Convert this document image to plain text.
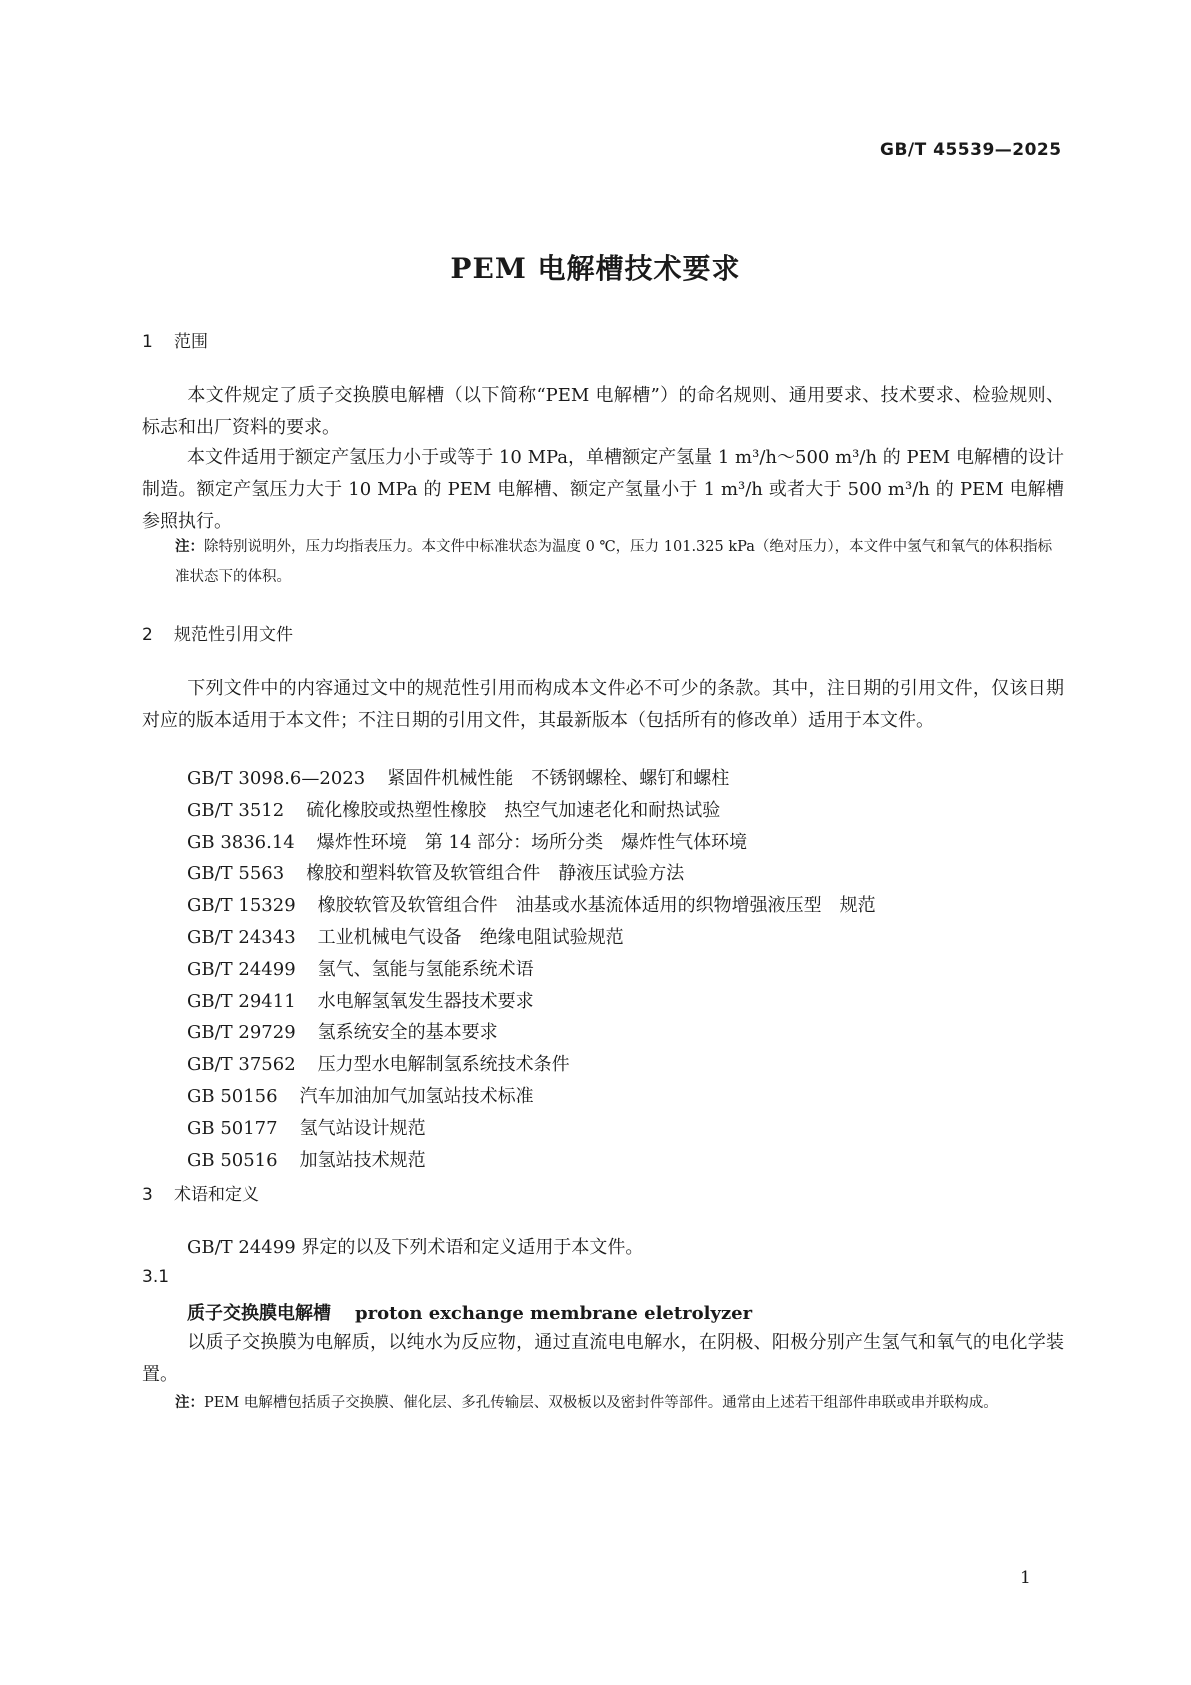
GB/T 45539—2025
PEM 电解槽技术要求
1 范围
本文件规定了质子交换膜电解槽（以下简称“PEM 电解槽”）的命名规则、通用要求、技术要求、检验规则、标志和出厂资料的要求。
本文件适用于额定产氢压力小于或等于 10 MPa，单槽额定产氢量 1 m³/h～500 m³/h 的 PEM 电解槽的设计制造。额定产氢压力大于 10 MPa 的 PEM 电解槽、额定产氢量小于 1 m³/h 或者大于 500 m³/h 的 PEM 电解槽参照执行。
注：除特别说明外，压力均指表压力。本文件中标准状态为温度 0 ℃，压力 101.325 kPa（绝对压力），本文件中氢气和氧气的体积指标准状态下的体积。
2 规范性引用文件
下列文件中的内容通过文中的规范性引用而构成本文件必不可少的条款。其中，注日期的引用文件，仅该日期对应的版本适用于本文件；不注日期的引用文件，其最新版本（包括所有的修改单）适用于本文件。
GB/T 3098.6—2023 紧固件机械性能　不锈钢螺栓、螺钉和螺柱
GB/T 3512 硫化橡胶或热塑性橡胶　热空气加速老化和耐热试验
GB 3836.14 爆炸性环境　第 14 部分：场所分类　爆炸性气体环境
GB/T 5563 橡胶和塑料软管及软管组合件　静液压试验方法
GB/T 15329 橡胶软管及软管组合件　油基或水基流体适用的织物增强液压型　规范
GB/T 24343 工业机械电气设备　绝缘电阻试验规范
GB/T 24499 氢气、氢能与氢能系统术语
GB/T 29411 水电解氢氧发生器技术要求
GB/T 29729 氢系统安全的基本要求
GB/T 37562 压力型水电解制氢系统技术条件
GB 50156 汽车加油加气加氢站技术标准
GB 50177 氢气站设计规范
GB 50516 加氢站技术规范
3 术语和定义
GB/T 24499 界定的以及下列术语和定义适用于本文件。
3.1
质子交换膜电解槽 proton exchange membrane eletrolyzer
以质子交换膜为电解质，以纯水为反应物，通过直流电电解水，在阴极、阳极分别产生氢气和氧气的电化学装置。
注：PEM 电解槽包括质子交换膜、催化层、多孔传输层、双极板以及密封件等部件。通常由上述若干组部件串联或串并联构成。
1
